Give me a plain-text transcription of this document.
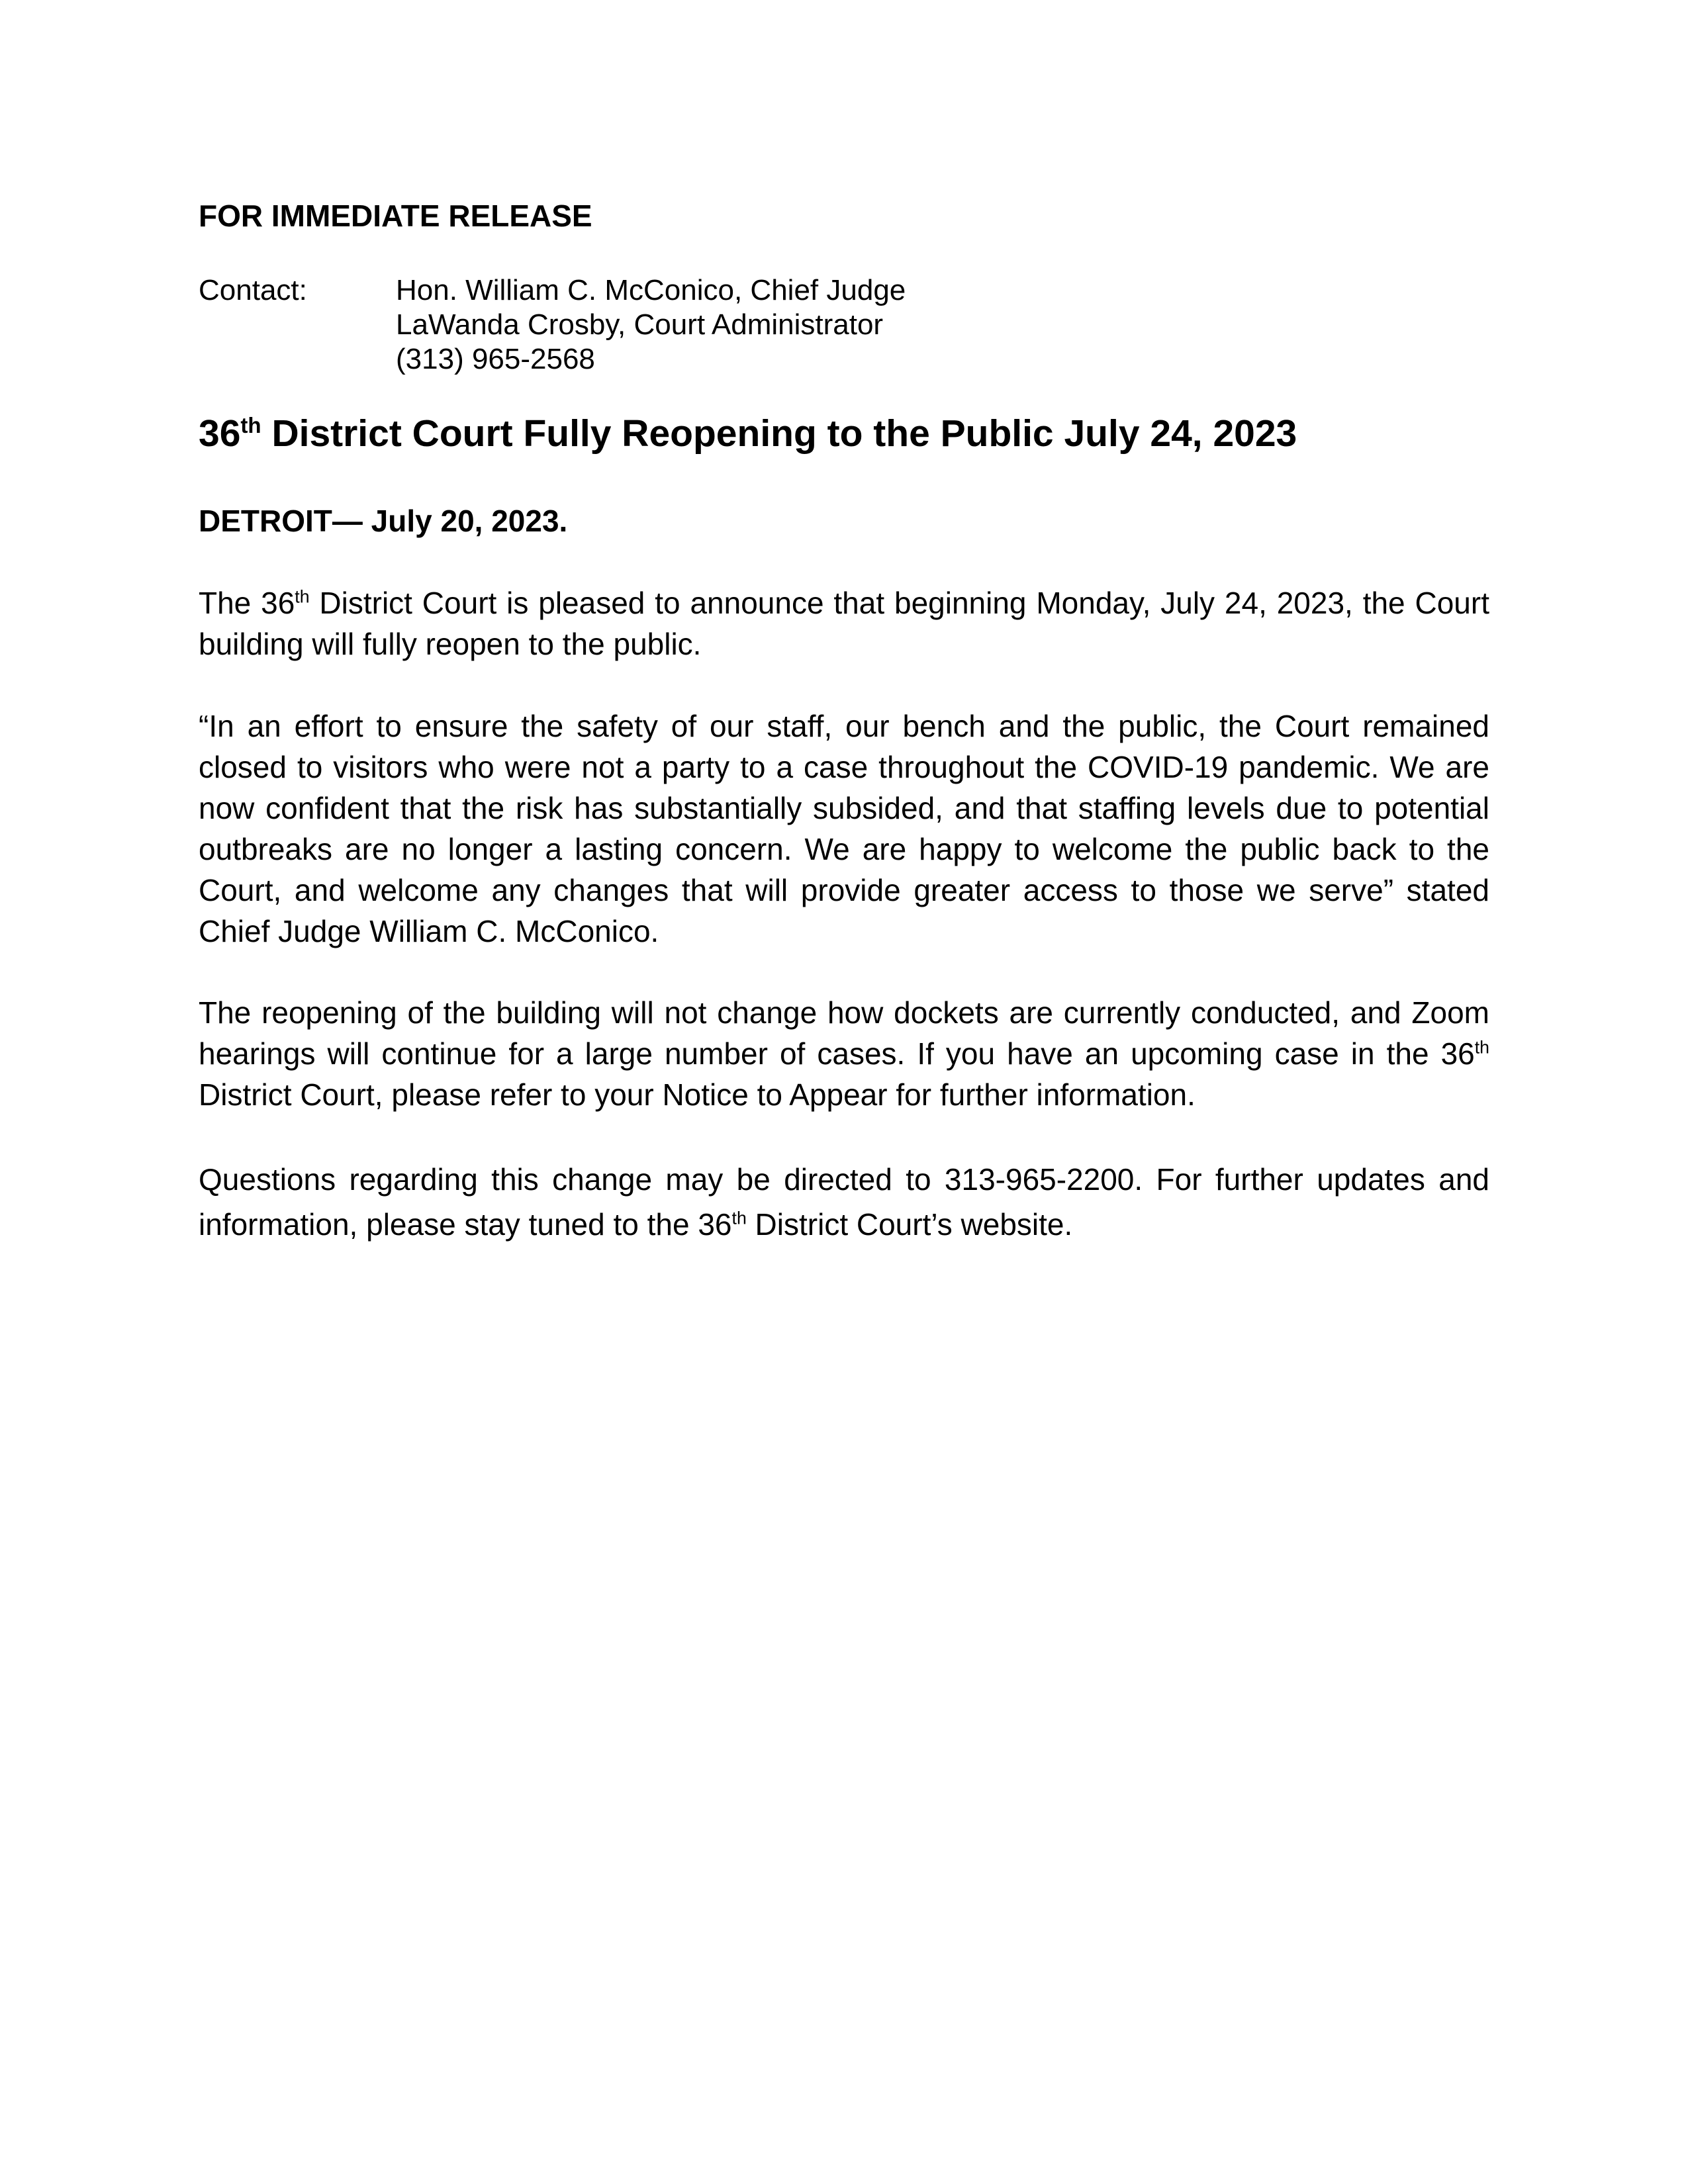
FOR IMMEDIATE RELEASE

Contact:	Hon. William C. McConico, Chief Judge
LaWanda Crosby, Court Administrator
(313) 965-2568
36th District Court Fully Reopening to the Public July 24, 2023

DETROIT— July 20, 2023.

The 36th District Court is pleased to announce that beginning Monday, July 24, 2023, the Court building will fully reopen to the public.

“In an effort to ensure the safety of our staff, our bench and the public, the Court remained closed to visitors who were not a party to a case throughout the COVID-19 pandemic. We are now confident that the risk has substantially subsided, and that staffing levels due to potential outbreaks are no longer a lasting concern. We are happy to welcome the public back to the Court, and welcome any changes that will provide greater access to those we serve” stated Chief Judge William C. McConico.

The reopening of the building will not change how dockets are currently conducted, and Zoom hearings will continue for a large number of cases. If you have an upcoming case in the 36th District Court, please refer to your Notice to Appear for further information.

Questions regarding this change may be directed to 313-965-2200. For further updates and information, please stay tuned to the 36th District Court’s website.
